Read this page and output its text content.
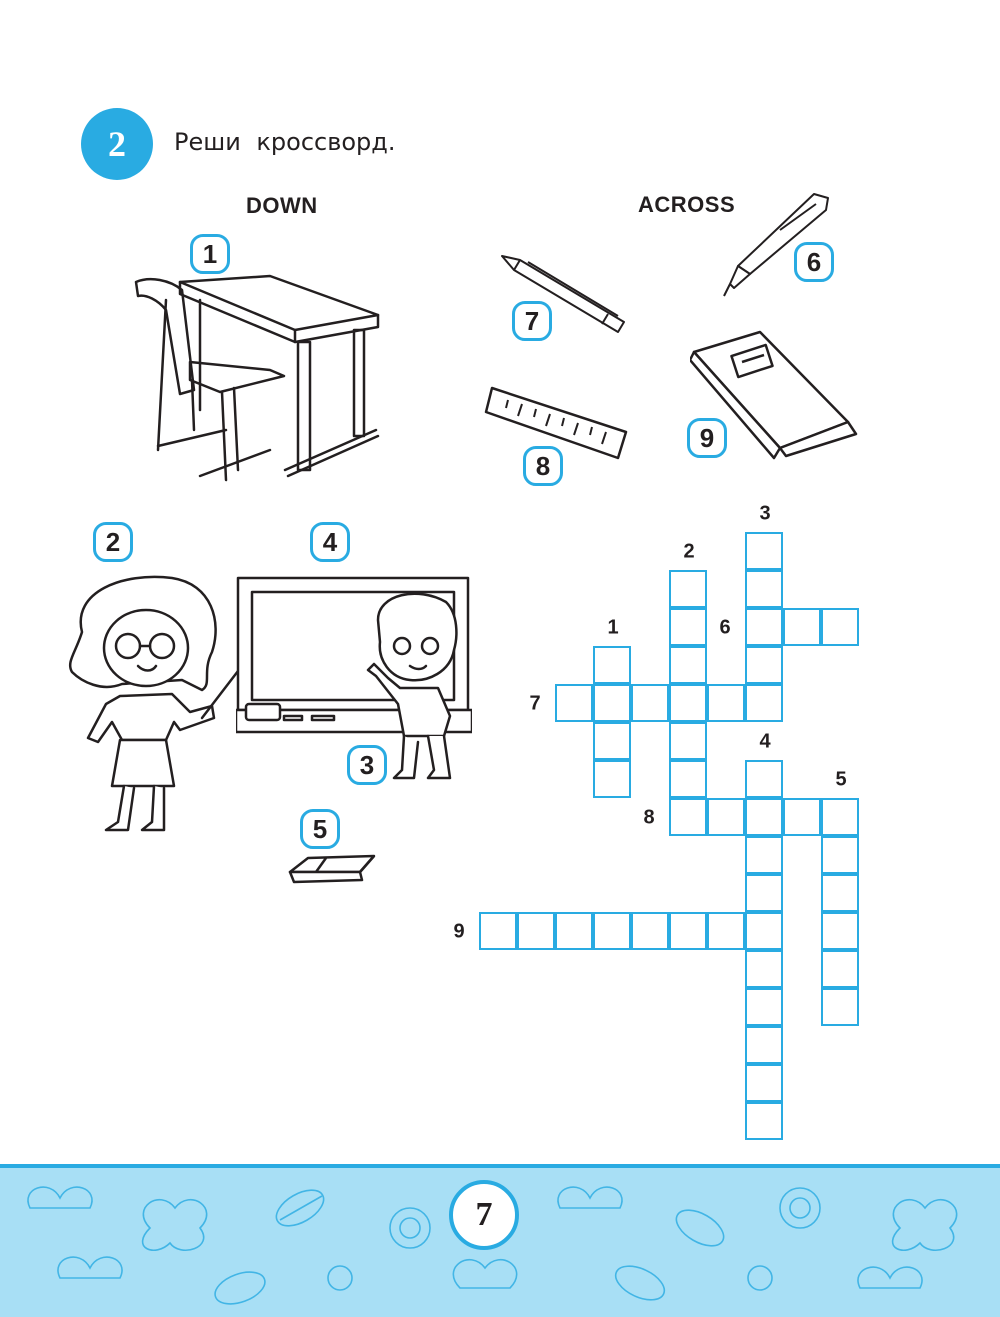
2	Реши кроссворд.
DOWN	ACROSS
1
7
6
8
9
2	4
3
5
1
2
3
4
5
6
7
8
9
7
